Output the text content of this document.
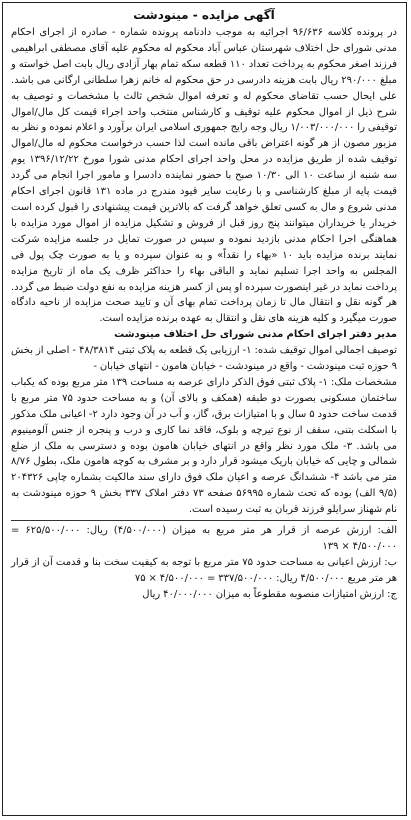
آگهی مزایده - مینودشت

در پرونده کلاسه ۹۶/۶۳۶ اجرائیه به موجب دادنامه پرونده شماره - صادره از اجرای احکام مدنی شورای حل اختلاف شهرستان عباس آباد محکوم له محکوم علیه آقای مصطفی ابراهیمی فرزند اصغر محکوم به پرداخت تعداد ۱۱۰ قطعه سکه تمام بهار آزادی ریال بابت اصل خواسته و مبلغ ۲۹۰/۰۰۰ ریال بابت هزینه دادرسی در حق محکوم له خانم زهرا سلطانی ارگانی می باشد. علی ایحال حسب تقاضای محکوم له و تعرفه اموال شخص ثالث با مشخصات و توصیف به شرح ذیل از اموال محکوم علیه توقیف و کارشناس منتخب واحد اجراء قیمت کل مال/اموال توقیفی را ۱/۰۰۳/۰۰۰/۰۰۰ ریال وجه رایج جمهوری اسلامی ایران برآورد و اعلام نموده و نظر به مزبور مصون از هر گونه اعتراض باقی مانده است لذا حسب درخواست محکوم له مال/اموال توقیف شده از طریق مزایده در محل واحد اجرای احکام مدنی شورا مورخ ۱۳۹۶/۱۲/۲۲ یوم سه شنبه از ساعت ۱۰ الی ۱۰/۳۰ صبح با حضور نماینده دادسرا و مامور اجرا انجام می گردد قیمت پایه از مبلغ کارشناسی و با رعایت سایر قیود مندرج در ماده ۱۳۱ قانون اجرای احکام مدنی شروع و مال به کسی تعلق خواهد گرفت که بالاترین قیمت پیشنهادی را قبول کرده است خریدار یا خریداران میتوانند پنج روز قبل از فروش و تشکیل مزایده از اموال مورد مزایده با هماهنگی اجرا احکام مدنی بازدید نموده و سپس در صورت تمایل در جلسه مزایده شرکت نمایند برنده مزایده باید ۱۰ «بهاء را نقداً» و به عنوان سپرده و یا به صورت چک پول فی المجلس به واحد اجرا تسلیم نماید و الباقی بهاء را حداکثر ظرف یک ماه از تاریخ مزایده پرداخت نماید در غیر اینصورت سپرده او پس از کسر هزینه مزایده به نفع دولت ضبط می گردد. هر گونه نقل و انتقال مال تا زمان پرداخت تمام بهای آن و تایید صحت مزایده از ناحیه دادگاه صورت میگیرد و کلیه هزینه های نقل و انتقال به عهده برنده مزایده است.

مدیر دفتر اجرای احکام مدنی شورای حل اختلاف مینودشت

توصیف اجمالی اموال توقیف شده: ۱- ارزیابی یک قطعه به پلاک ثبتی ۴۸/۳۸۱۴ - اصلی از بخش ۹ حوزه ثبت مینودشت - واقع در مینودشت - خیابان هامون - انتهای خیابان -

مشخصات ملک: ۱- پلاک ثبتی فوق الذکر دارای عرصه به مساحت ۱۳۹ متر مربع بوده که یکباب ساختمان مسکونی بصورت دو طبقه (همکف و بالای آن) و به مساحت حدود ۷۵ متر مربع با قدمت ساخت حدود ۵ سال و با امتیازات برق، گاز، و آب در آن وجود دارد ۲- اعیانی ملک مذکور با اسکلت بتنی، سقف از نوع تیرچه و بلوک، فاقد نما کاری و درب و پنجره از جنس آلومینیوم می باشد. ۳- ملک مورد نظر واقع در انتهای خیابان هامون بوده و دسترسی به ملک از ضلع شمالی و چایی که خیابان باریک میشود قرار دارد و بر مشرف به کوچه هامون ملک، بطول ۸/۷۶ متر می باشد ۴- ششدانگ عرصه و اعیان ملک فوق دارای سند مالکیت بشماره چاپی ۲۰۴۳۲۶ (۹/۵ الف) بوده که تحت شماره ۵۶۹۹۵ صفحه ۷۳ دفتر املاک ۳۳۷ بخش ۹ حوزه مینودشت به نام شهناز سرایلو فرزند قربان به ثبت رسیده است.

الف: ارزش عرصه از قرار هر متر مربع به میزان (۴/۵۰۰/۰۰۰) ریال: ۶۲۵/۵۰۰/۰۰۰ = ۴/۵۰۰/۰۰۰ × ۱۳۹

ب: ارزش اعیانی به مساحت حدود ۷۵ متر مربع با توجه به کیفیت سخت بنا و قدمت آن از قرار هر متر مربع ۴/۵۰۰/۰۰۰ ریال: ۳۳۷/۵۰۰/۰۰۰ = ۴/۵۰۰/۰۰۰ × ۷۵

ج: ارزش امتیازات منصوبه مقطوعاً به میزان ۴۰/۰۰۰/۰۰۰ ریال
